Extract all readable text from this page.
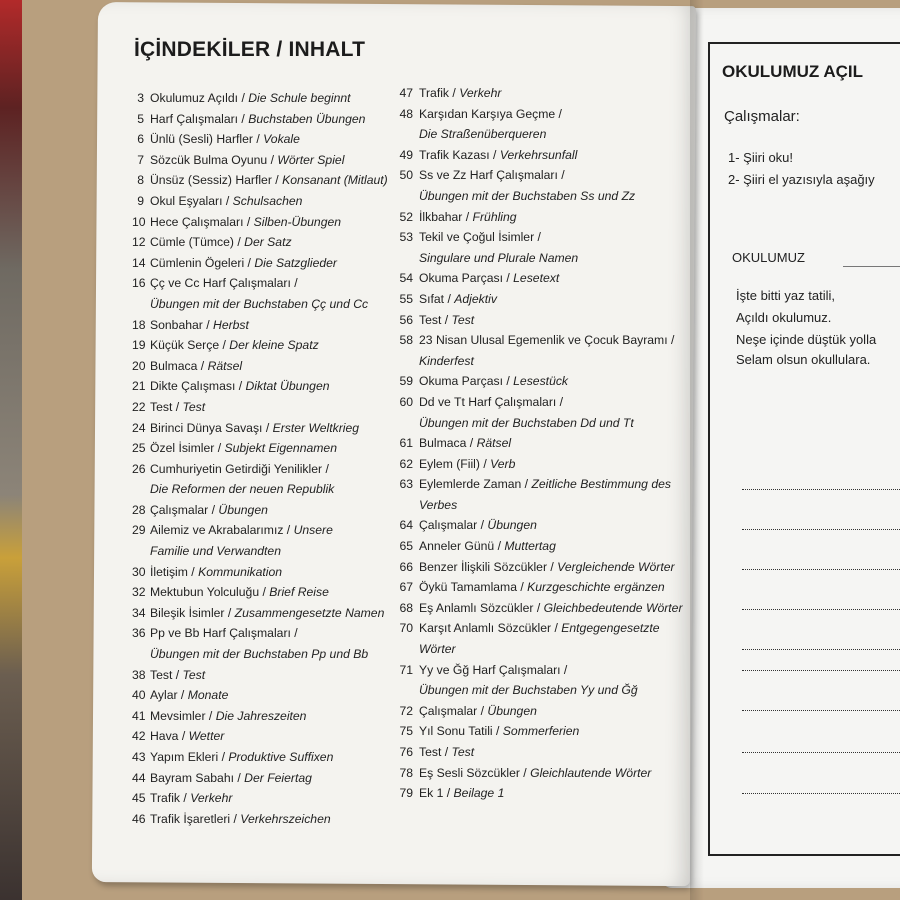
OKULUMUZ AÇIL
Çalışmalar:
1- Şiiri oku!
2- Şiiri el yazısıyla aşağıy
OKULUMUZ
İşte bitti yaz tatili,
Açıldı okulumuz.
Neşe içinde düştük yolla
Selam olsun okullulara.
İÇİNDEKİLER / INHALT
3 Okulumuz Açıldı / Die Schule beginnt
5 Harf Çalışmaları / Buchstaben Übungen
6 Ünlü (Sesli) Harfler / Vokale
7 Sözcük Bulma Oyunu / Wörter Spiel
8 Ünsüz (Sessiz) Harfler / Konsanant (Mitlaut)
9 Okul Eşyaları / Schulsachen
10 Hece Çalışmaları / Silben-Übungen
12 Cümle (Tümce) / Der Satz
14 Cümlenin Ögeleri / Die Satzglieder
16 Çç ve Cc Harf Çalışmaları /
Übungen mit der Buchstaben Çç und Cc
18 Sonbahar / Herbst
19 Küçük Serçe / Der kleine Spatz
20 Bulmaca / Rätsel
21 Dikte Çalışması / Diktat Übungen
22 Test / Test
24 Birinci Dünya Savaşı / Erster Weltkrieg
25 Özel İsimler / Subjekt Eigennamen
26 Cumhuriyetin Getirdiği Yenilikler /
Die Reformen der neuen Republik
28 Çalışmalar / Übungen
29 Ailemiz ve Akrabalarımız / Unsere
Familie und Verwandten
30 İletişim / Kommunikation
32 Mektubun Yolculuğu / Brief Reise
34 Bileşik İsimler / Zusammengesetzte Namen
36 Pp ve Bb Harf Çalışmaları /
Übungen mit der Buchstaben Pp und Bb
38 Test / Test
40 Aylar / Monate
41 Mevsimler / Die Jahreszeiten
42 Hava / Wetter
43 Yapım Ekleri / Produktive Suffixen
44 Bayram Sabahı / Der Feiertag
45 Trafik / Verkehr
46 Trafik İşaretleri / Verkehrszeichen
47 Trafik / Verkehr
48 Karşıdan Karşıya Geçme /
Die Straßenüberqueren
49 Trafik Kazası / Verkehrsunfall
50 Ss ve Zz Harf Çalışmaları /
Übungen mit der Buchstaben Ss und Zz
52 İlkbahar / Frühling
53 Tekil ve Çoğul İsimler /
Singulare und Plurale Namen
54 Okuma Parçası / Lesetext
55 Sıfat / Adjektiv
56 Test / Test
58 23 Nisan Ulusal Egemenlik ve Çocuk Bayramı /
Kinderfest
59 Okuma Parçası / Lesestück
60 Dd ve Tt Harf Çalışmaları /
Übungen mit der Buchstaben Dd und Tt
61 Bulmaca / Rätsel
62 Eylem (Fiil) / Verb
63 Eylemlerde Zaman / Zeitliche Bestimmung des
Verbes
64 Çalışmalar / Übungen
65 Anneler Günü / Muttertag
66 Benzer İlişkili Sözcükler / Vergleichende Wörter
67 Öykü Tamamlama / Kurzgeschichte ergänzen
68 Eş Anlamlı Sözcükler / Gleichbedeutende Wörter
70 Karşıt Anlamlı Sözcükler / Entgegengesetzte
Wörter
71 Yy ve Ğğ Harf Çalışmaları /
Übungen mit der Buchstaben Yy und Ğğ
72 Çalışmalar / Übungen
75 Yıl Sonu Tatili / Sommerferien
76 Test / Test
78 Eş Sesli Sözcükler / Gleichlautende Wörter
79 Ek 1 / Beilage 1
